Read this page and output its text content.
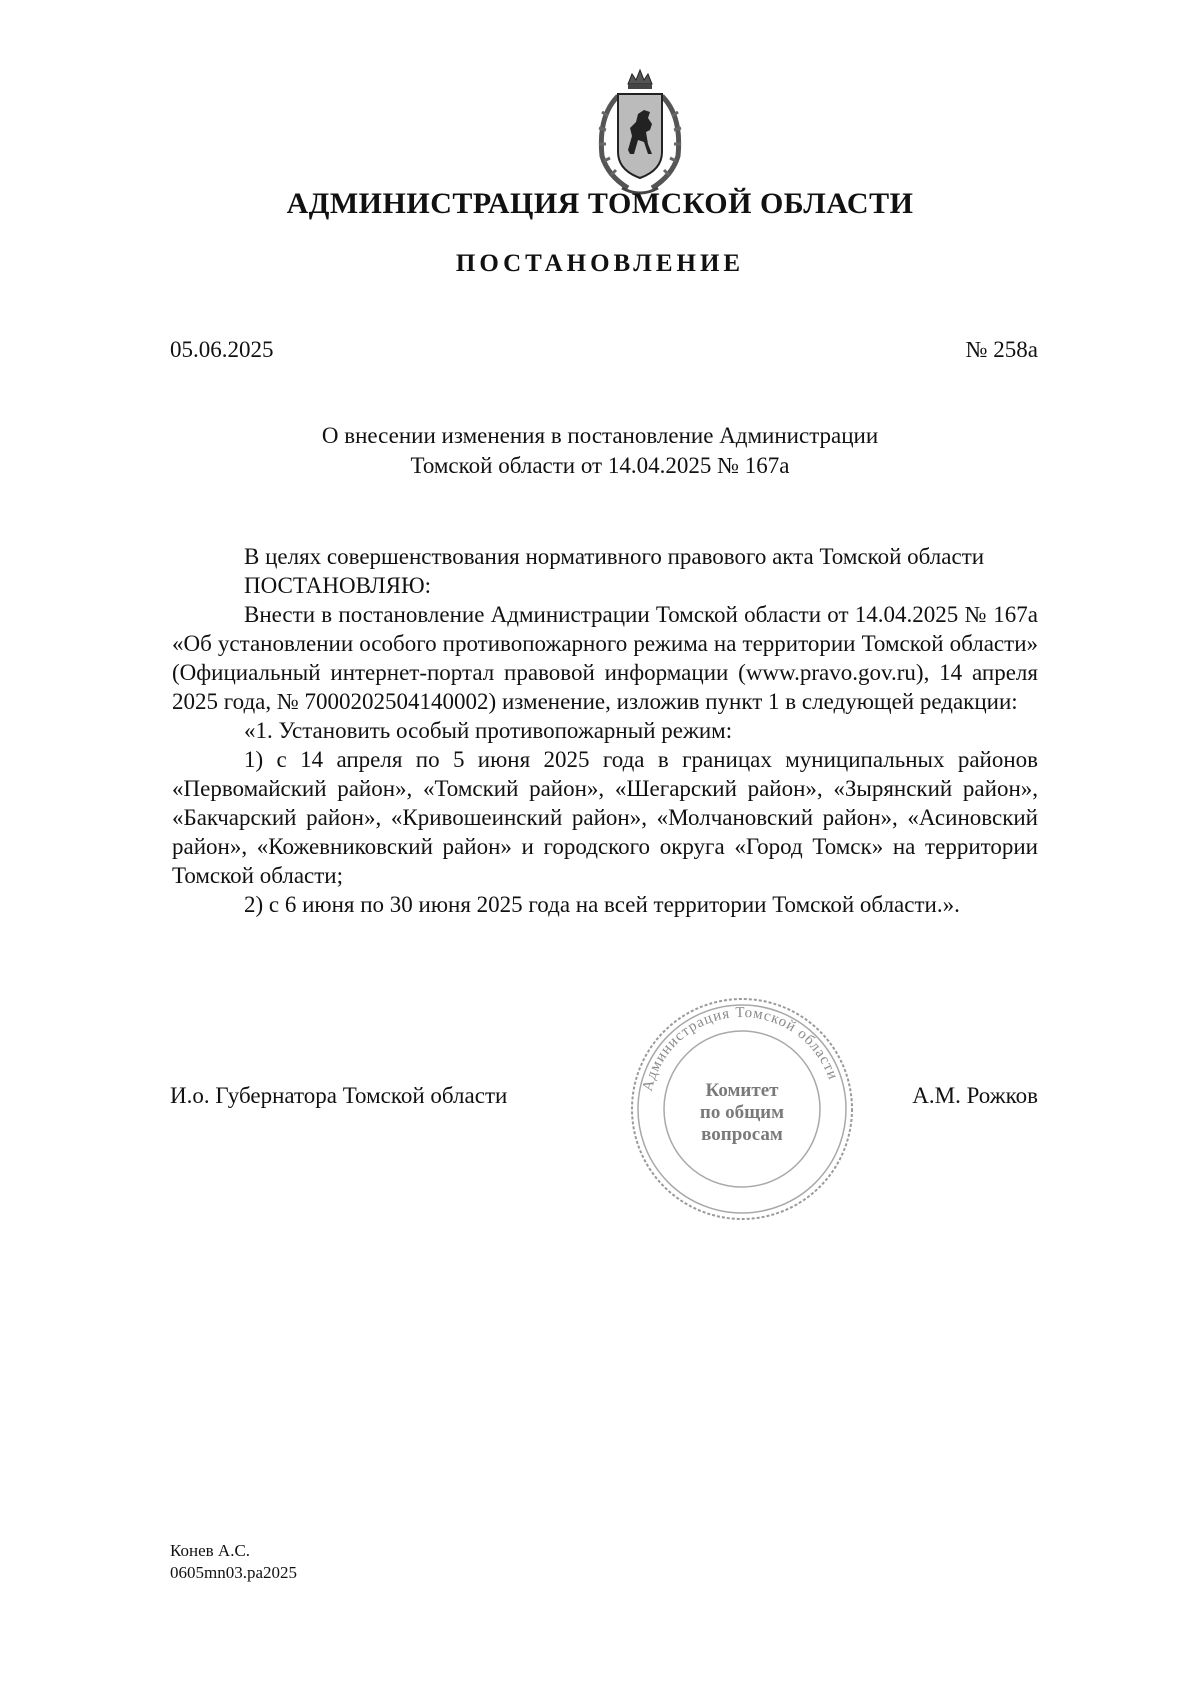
АДМИНИСТРАЦИЯ ТОМСКОЙ ОБЛАСТИ
ПОСТАНОВЛЕНИЕ
05.06.2025	№ 258а
О внесении изменения в постановление Администрации
Томской области от 14.04.2025 № 167а

В целях совершенствования нормативного правового акта Томской области

ПОСТАНОВЛЯЮ:

Внести в постановление Администрации Томской области от 14.04.2025 № 167а «Об установлении особого противопожарного режима на территории Томской области» (Официальный интернет-портал правовой информации (www.pravo.gov.ru), 14 апреля 2025 года, № 7000202504140002) изменение, изложив пункт 1 в следующей редакции:

«1. Установить особый противопожарный режим:

1) с 14 апреля по 5 июня 2025 года в границах муниципальных районов «Первомайский район», «Томский район», «Шегарский район», «Зырянский район», «Бакчарский район», «Кривошеинский район», «Молчановский район», «Асиновский район», «Кожевниковский район» и городского округа «Город Томск» на территории Томской области;

2) с 6 июня по 30 июня 2025 года на всей территории Томской области.».

И.о. Губернатора Томской области	А.М. Рожков
Администрация Томской области
Комитет
по общим
вопросам
Конев А.С.
0605mn03.pa2025
